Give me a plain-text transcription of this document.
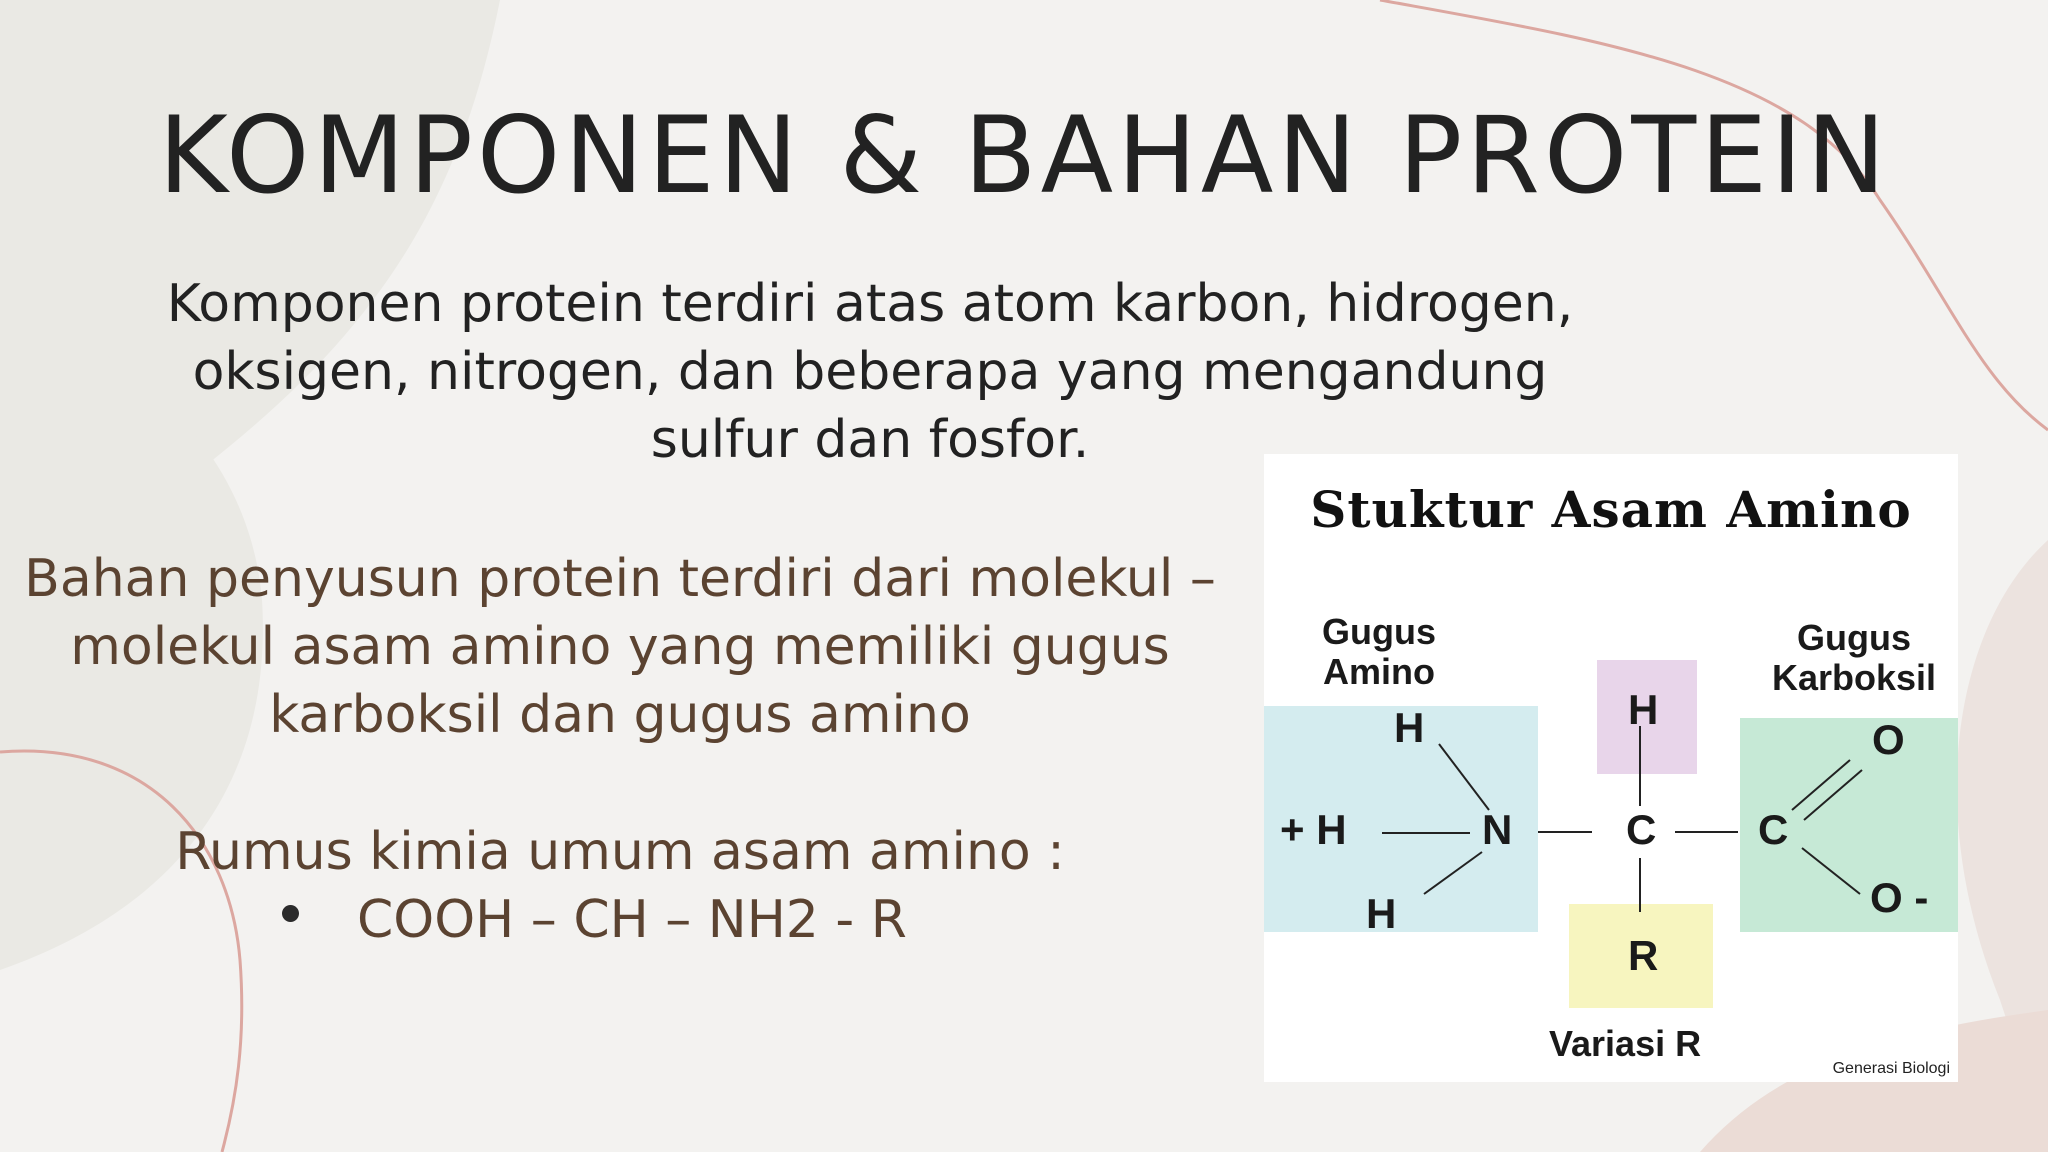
KOMPONEN & BAHAN PROTEIN
Komponen protein terdiri atas atom karbon, hidrogen, oksigen, nitrogen, dan beberapa yang mengandung sulfur dan fosfor.
Bahan penyusun protein terdiri dari molekul – molekul asam amino yang memiliki gugus karboksil dan gugus amino
Rumus kimia umum asam amino :
COOH – CH – NH2 - R
Stuktur Asam Amino
Gugus
Amino
Gugus
Karboksil
H
+ H	N
H
H
C
R
C
O
O -
Variasi R
Generasi Biologi
